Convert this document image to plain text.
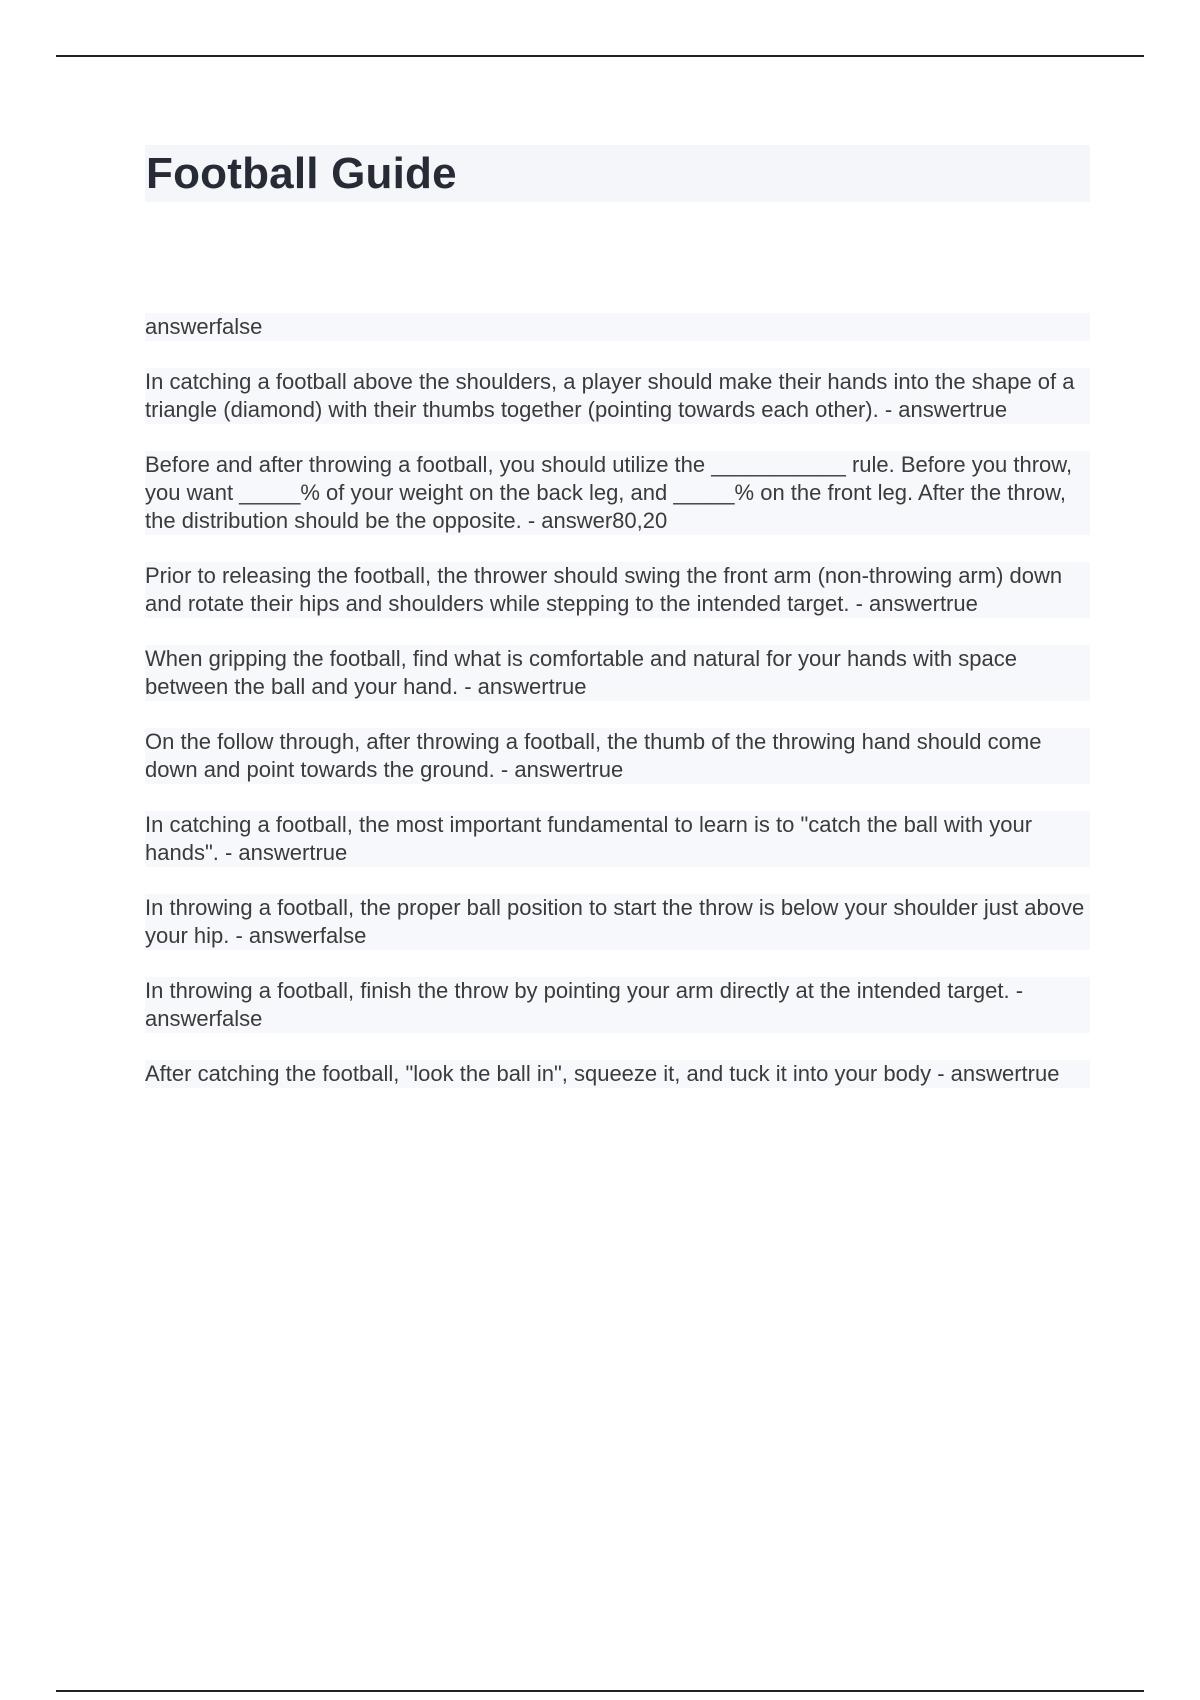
Football Guide

answerfalse

In catching a football above the shoulders, a player should make their hands into the shape of a triangle (diamond) with their thumbs together (pointing towards each other). - answertrue

Before and after throwing a football, you should utilize the ___________ rule. Before you throw, you want _____% of your weight on the back leg, and _____% on the front leg. After the throw, the distribution should be the opposite. - answer80,20

Prior to releasing the football, the thrower should swing the front arm (non-throwing arm) down and rotate their hips and shoulders while stepping to the intended target. - answertrue

When gripping the football, find what is comfortable and natural for your hands with space between the ball and your hand. - answertrue

On the follow through, after throwing a football, the thumb of the throwing hand should come down and point towards the ground. - answertrue

In catching a football, the most important fundamental to learn is to "catch the ball with your hands". - answertrue

In throwing a football, the proper ball position to start the throw is below your shoulder just above your hip. - answerfalse

In throwing a football, finish the throw by pointing your arm directly at the intended target. - answerfalse

After catching the football, "look the ball in", squeeze it, and tuck it into your body - answertrue
